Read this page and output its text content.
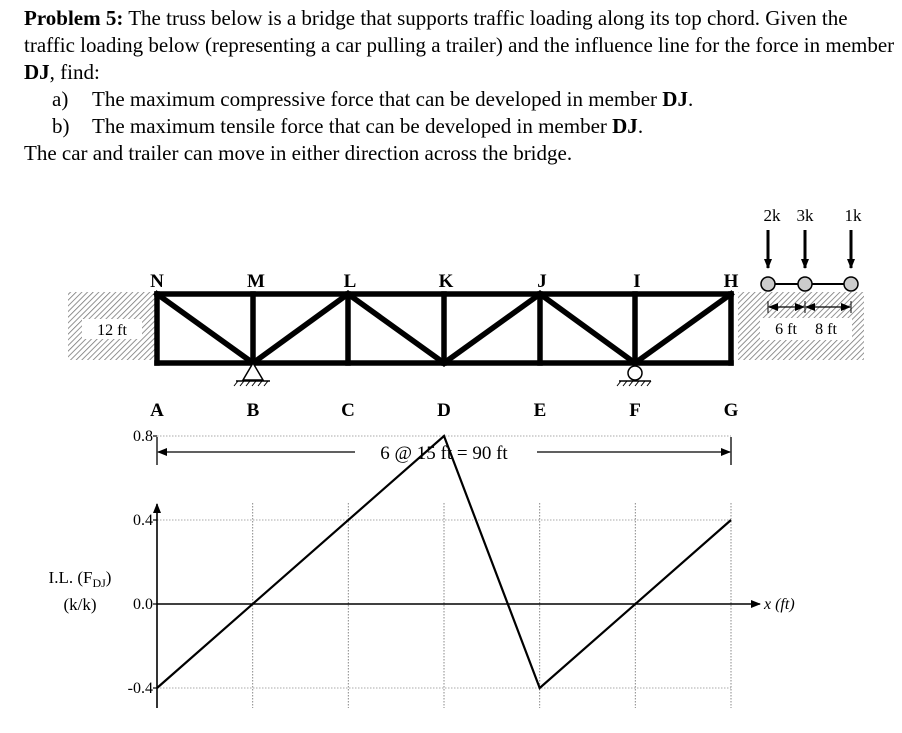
Problem 5: The truss below is a bridge that supports traffic loading along its top chord. Given the traffic loading below (representing a car pulling a trailer) and the influence line for the force in member DJ, find:

a) The maximum compressive force that can be developed in member DJ.

b) The maximum tensile force that can be developed in member DJ.

The car and trailer can move in either direction across the bridge.

12 ft
N	M	L	K	J	I	H
A	B	C	D	E	F	G
6 @ 15 ft = 90 ft
2k 3k 1k
6 ft 8 ft
0.8
0.4
0.0
-0.4
x (ft)
I.L. $(F_{DJ})$
(k/k)
